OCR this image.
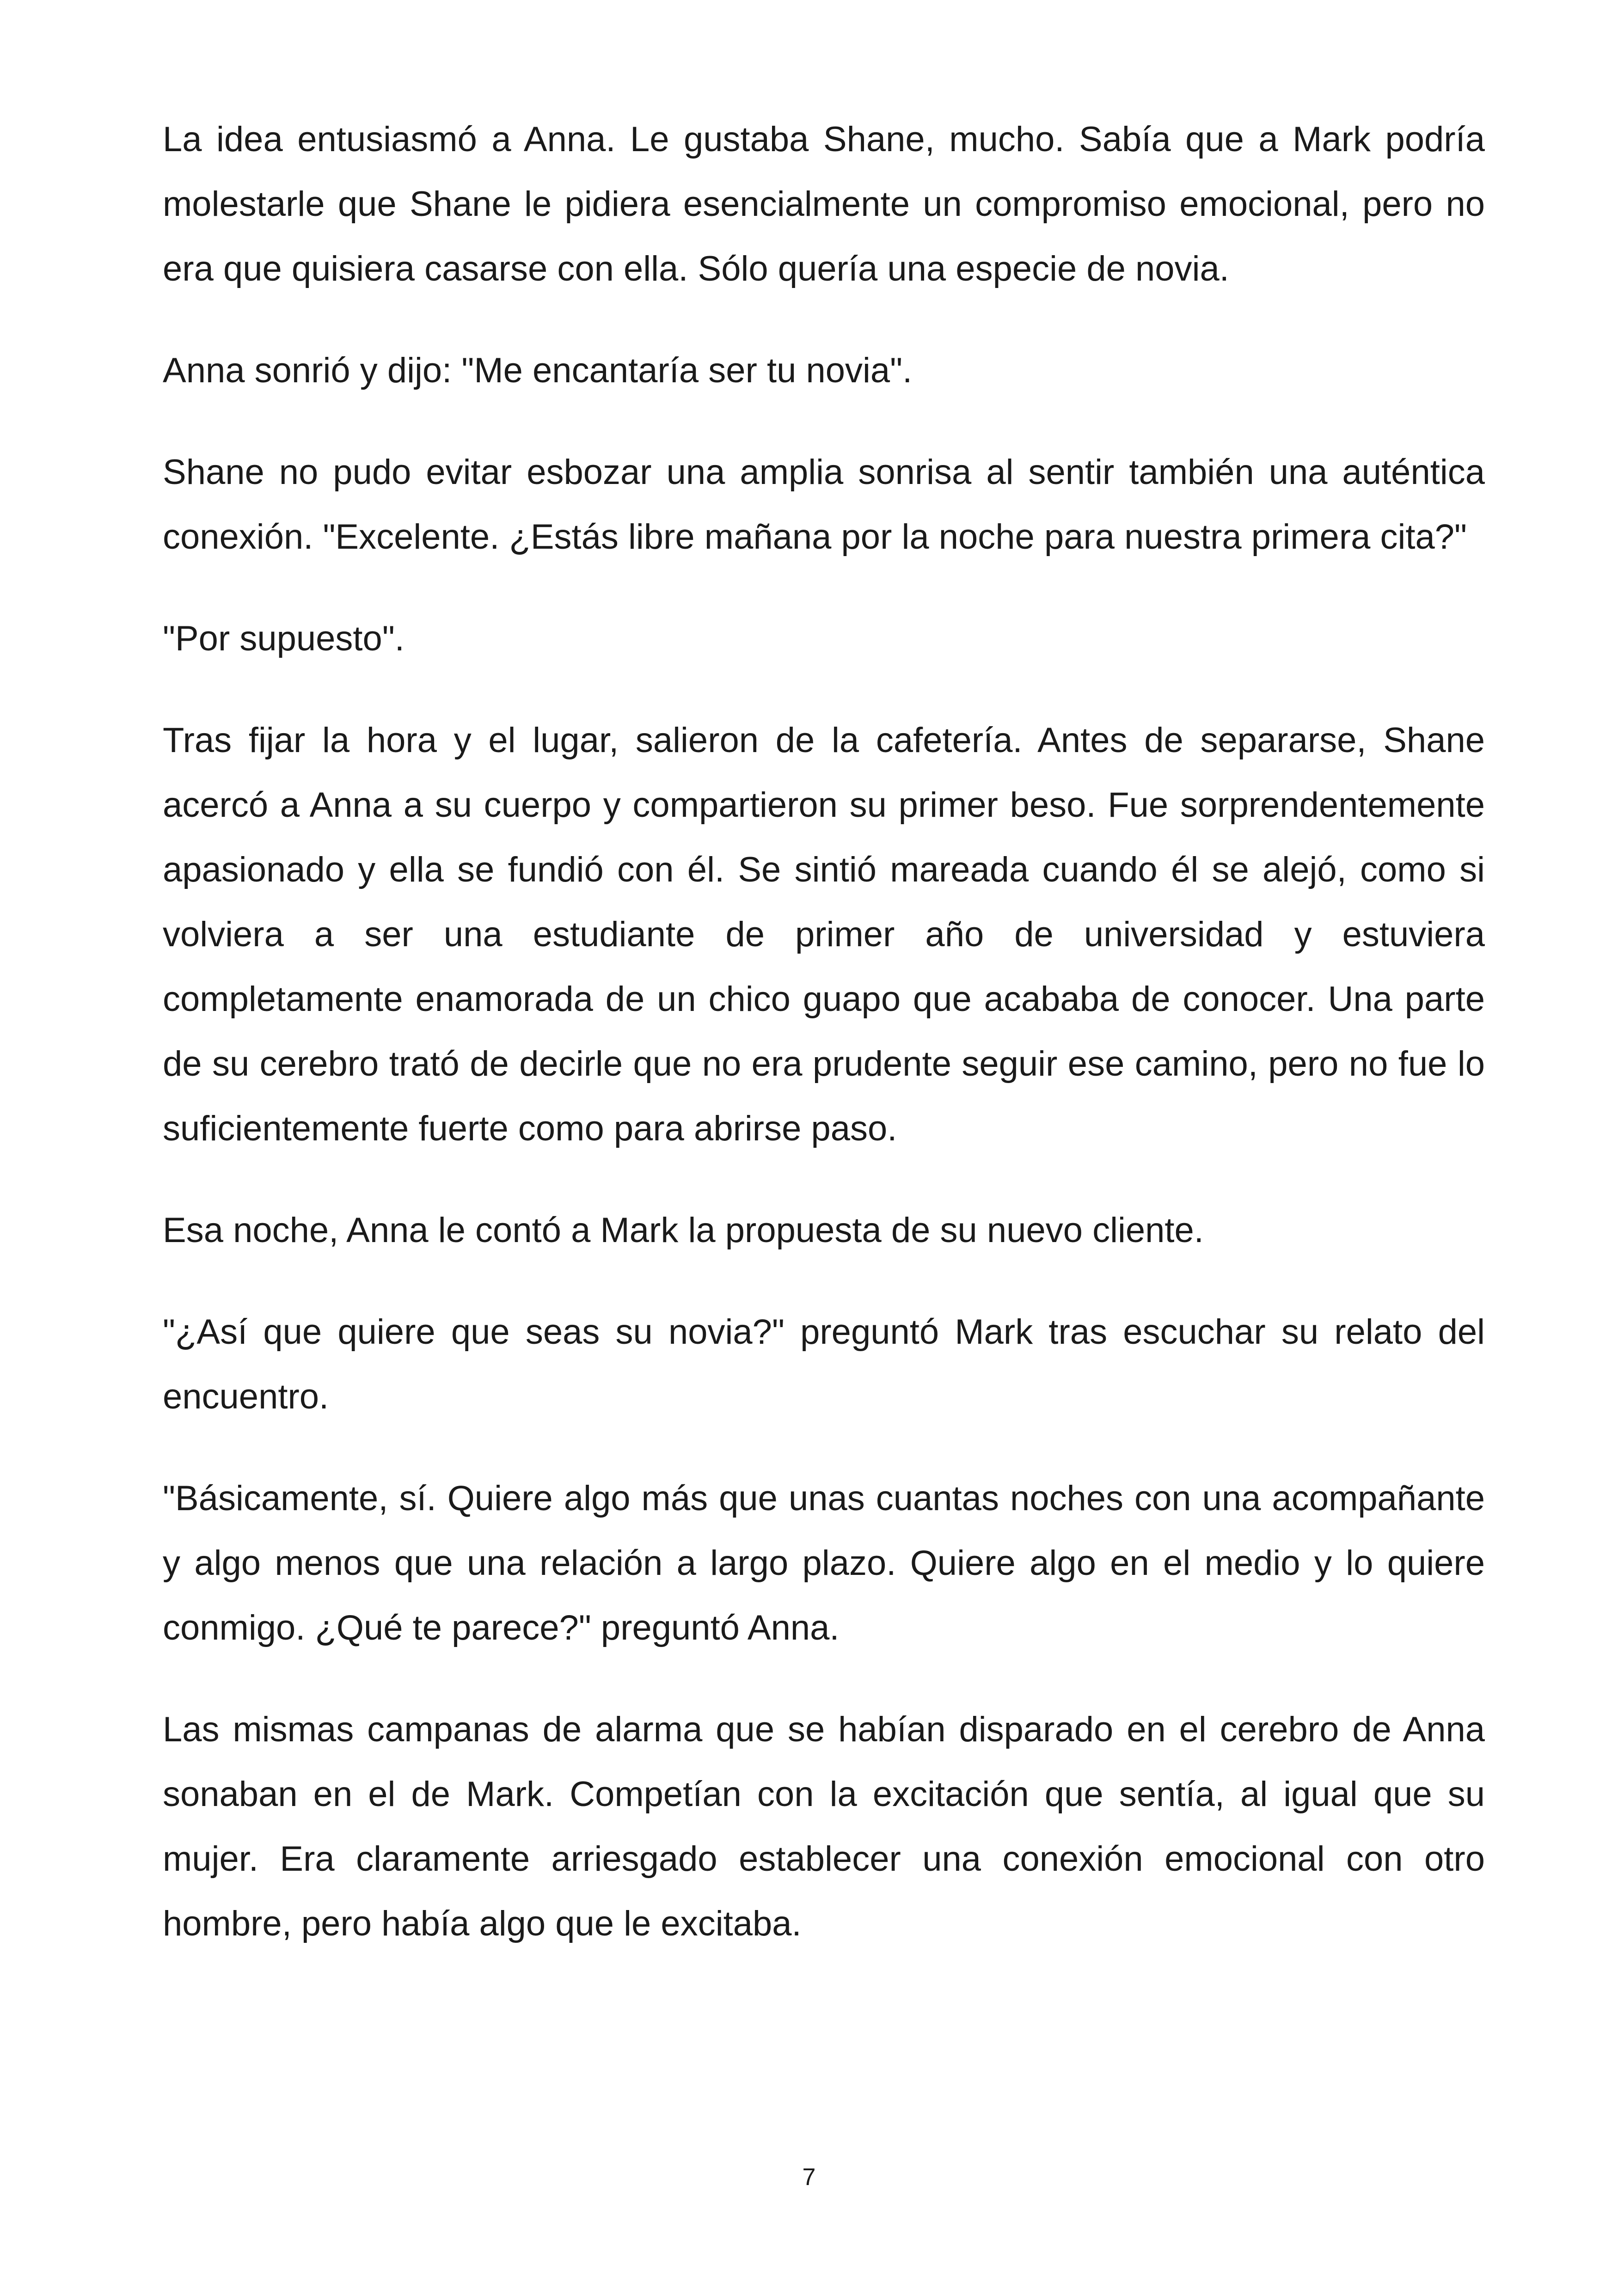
La idea entusiasmó a Anna. Le gustaba Shane, mucho. Sabía que a Mark podría molestarle que Shane le pidiera esencialmente un compromiso emocional, pero no era que quisiera casarse con ella. Sólo quería una especie de novia.

Anna sonrió y dijo: "Me encantaría ser tu novia".

Shane no pudo evitar esbozar una amplia sonrisa al sentir también una auténtica conexión. "Excelente. ¿Estás libre mañana por la noche para nuestra primera cita?"

"Por supuesto".

Tras fijar la hora y el lugar, salieron de la cafetería. Antes de separarse, Shane acercó a Anna a su cuerpo y compartieron su primer beso. Fue sorprendentemente apasionado y ella se fundió con él. Se sintió mareada cuando él se alejó, como si volviera a ser una estudiante de primer año de universidad y estuviera completamente enamorada de un chico guapo que acababa de conocer. Una parte de su cerebro trató de decirle que no era prudente seguir ese camino, pero no fue lo suficientemente fuerte como para abrirse paso.

Esa noche, Anna le contó a Mark la propuesta de su nuevo cliente.

"¿Así que quiere que seas su novia?" preguntó Mark tras escuchar su relato del encuentro.

"Básicamente, sí. Quiere algo más que unas cuantas noches con una acompañante y algo menos que una relación a largo plazo. Quiere algo en el medio y lo quiere conmigo. ¿Qué te parece?" preguntó Anna.

Las mismas campanas de alarma que se habían disparado en el cerebro de Anna sonaban en el de Mark. Competían con la excitación que sentía, al igual que su mujer. Era claramente arriesgado establecer una conexión emocional con otro hombre, pero había algo que le excitaba.

7
